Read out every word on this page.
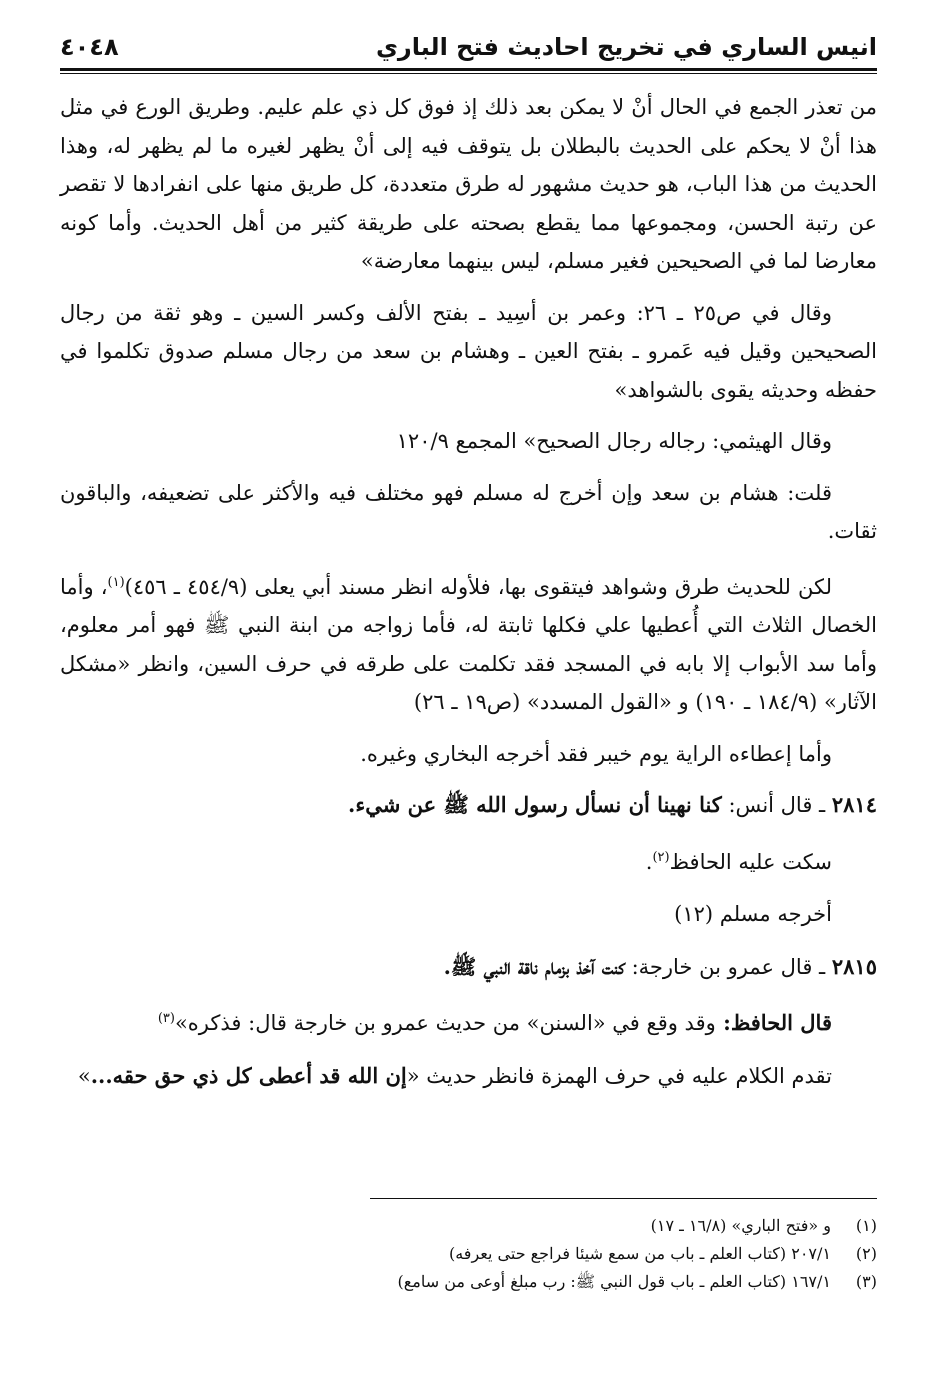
انيس الساري في تخريج احاديث فتح الباري
٤٠٤٨

من تعذر الجمع في الحال أنْ لا يمكن بعد ذلك إذ فوق كل ذي علم عليم. وطريق الورع في مثل هذا أنْ لا يحكم على الحديث بالبطلان بل يتوقف فيه إلى أنْ يظهر لغيره ما لم يظهر له، وهذا الحديث من هذا الباب، هو حديث مشهور له طرق متعددة، كل طريق منها على انفرادها لا تقصر عن رتبة الحسن، ومجموعها مما يقطع بصحته على طريقة كثير من أهل الحديث. وأما كونه معارضا لما في الصحيحين فغير مسلم، ليس بينهما معارضة»

وقال في ص٢٥ ـ ٢٦: وعمر بن أسِيد ـ بفتح الألف وكسر السين ـ وهو ثقة من رجال الصحيحين وقيل فيه عَمرو ـ بفتح العين ـ وهشام بن سعد من رجال مسلم صدوق تكلموا في حفظه وحديثه يقوى بالشواهد»

وقال الهيثمي: رجاله رجال الصحيح» المجمع ١٢٠/٩

قلت: هشام بن سعد وإن أخرج له مسلم فهو مختلف فيه والأكثر على تضعيفه، والباقون ثقات.

لكن للحديث طرق وشواهد فيتقوى بها، فلأوله انظر مسند أبي يعلى (٤٥٤/٩ ـ ٤٥٦)$^{(١)}$، وأما الخصال الثلاث التي أُعطيها علي فكلها ثابتة له، فأما زواجه من ابنة النبي ﷺ فهو أمر معلوم، وأما سد الأبواب إلا بابه في المسجد فقد تكلمت على طرقه في حرف السين، وانظر «مشكل الآثار» (١٨٤/٩ ـ ١٩٠) و «القول المسدد» (ص١٩ ـ ٢٦)

وأما إعطاءه الراية يوم خيبر فقد أخرجه البخاري وغيره.

٢٨١٤ ـ قال أنس: كنا نهينا أن نسأل رسول الله ﷺ عن شيء.
سكت عليه الحافظ$^{(٢)}$.
أخرجه مسلم (١٢)
٢٨١٥ ـ قال عمرو بن خارجة: كنت آخذ بزمام ناقة النبي ﷺ.
قال الحافظ: وقد وقع في «السنن» من حديث عمرو بن خارجة قال: فذكره»$^{(٣)}$

تقدم الكلام عليه في حرف الهمزة فانظر حديث «إن الله قد أعطى كل ذي حق حقه...»

(١)
و «فتح الباري» (١٦/٨ ـ ١٧)
(٢)
٢٠٧/١ (كتاب العلم ـ باب من سمع شيئا فراجع حتى يعرفه)
(٣)
١٦٧/١ (كتاب العلم ـ باب قول النبي ﷺ: رب مبلغ أوعى من سامع)
